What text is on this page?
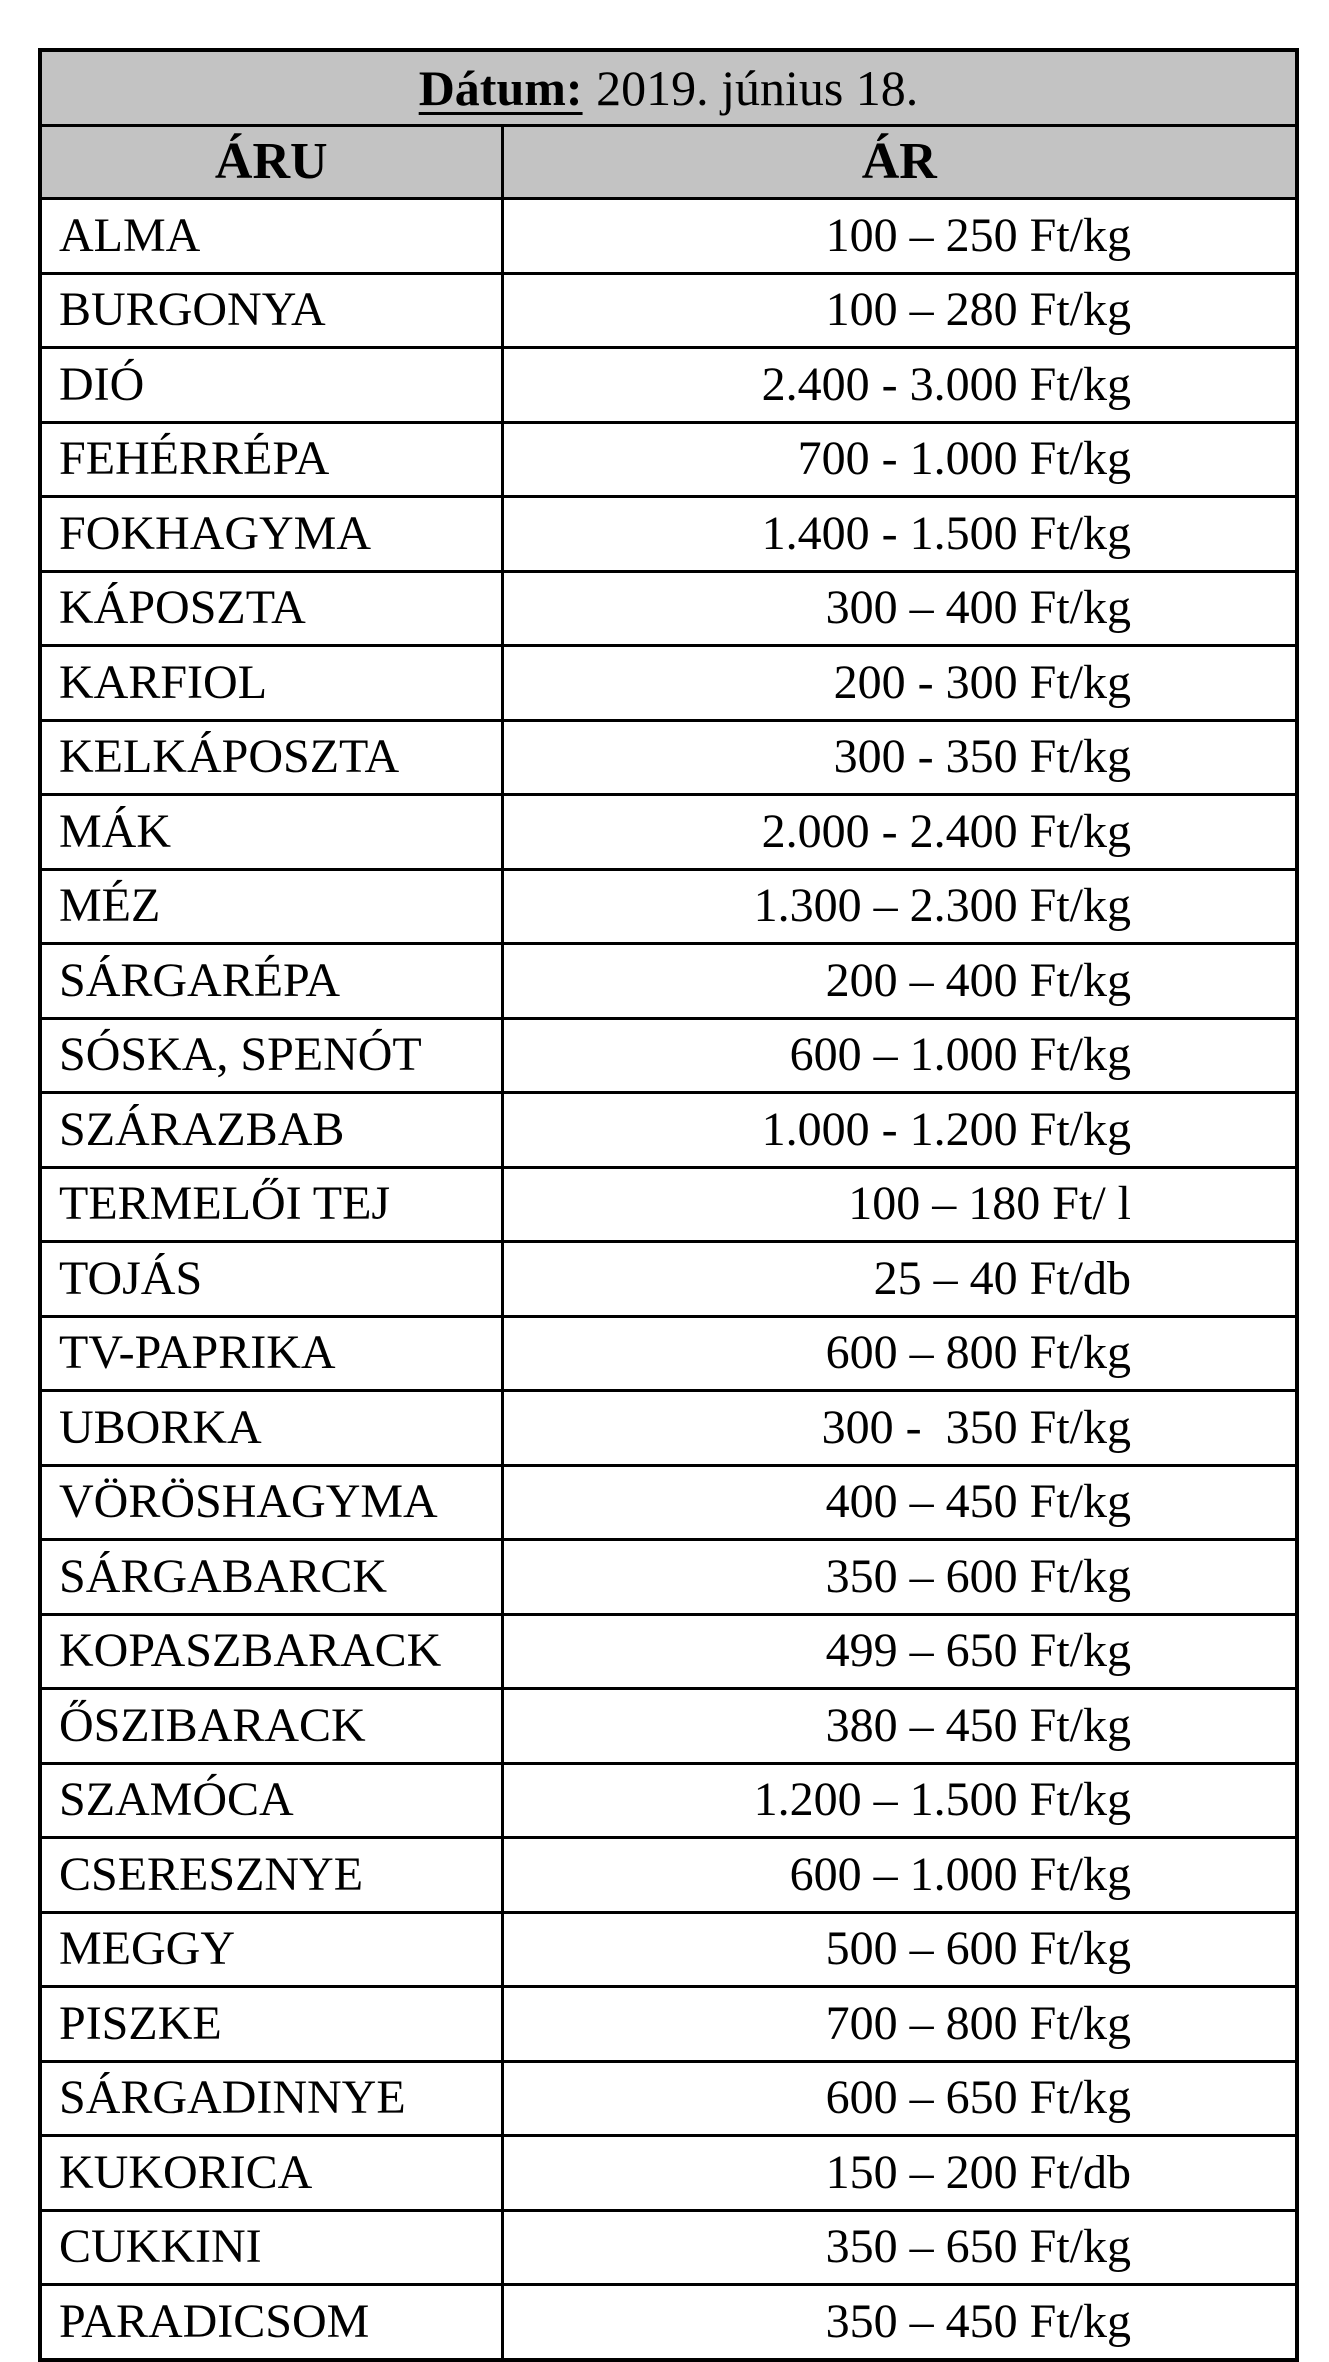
Dátum: 2019. június 18.	
ÁRU	ÁR
ALMA	100 – 250 Ft/kg
BURGONYA	100 – 280 Ft/kg
DIÓ	2.400 - 3.000 Ft/kg
FEHÉRRÉPA	700 - 1.000 Ft/kg
FOKHAGYMA	1.400 - 1.500 Ft/kg
KÁPOSZTA	300 – 400 Ft/kg
KARFIOL	200 - 300 Ft/kg
KELKÁPOSZTA	300 - 350 Ft/kg
MÁK	2.000 - 2.400 Ft/kg
MÉZ	1.300 – 2.300 Ft/kg
SÁRGARÉPA	200 – 400 Ft/kg
SÓSKA, SPENÓT	600 – 1.000 Ft/kg
SZÁRAZBAB	1.000 - 1.200 Ft/kg
TERMELŐI TEJ	100 – 180 Ft/ l
TOJÁS	25 – 40 Ft/db
TV-PAPRIKA	600 – 800 Ft/kg
UBORKA	300 -  350 Ft/kg
VÖRÖSHAGYMA	400 – 450 Ft/kg
SÁRGABARCK	350 – 600 Ft/kg
KOPASZBARACK	499 – 650 Ft/kg
ŐSZIBARACK	380 – 450 Ft/kg
SZAMÓCA	1.200 – 1.500 Ft/kg
CSERESZNYE	600 – 1.000 Ft/kg
MEGGY	500 – 600 Ft/kg
PISZKE	700 – 800 Ft/kg
SÁRGADINNYE	600 – 650 Ft/kg
KUKORICA	150 – 200 Ft/db
CUKKINI	350 – 650 Ft/kg
PARADICSOM	350 – 450 Ft/kg
